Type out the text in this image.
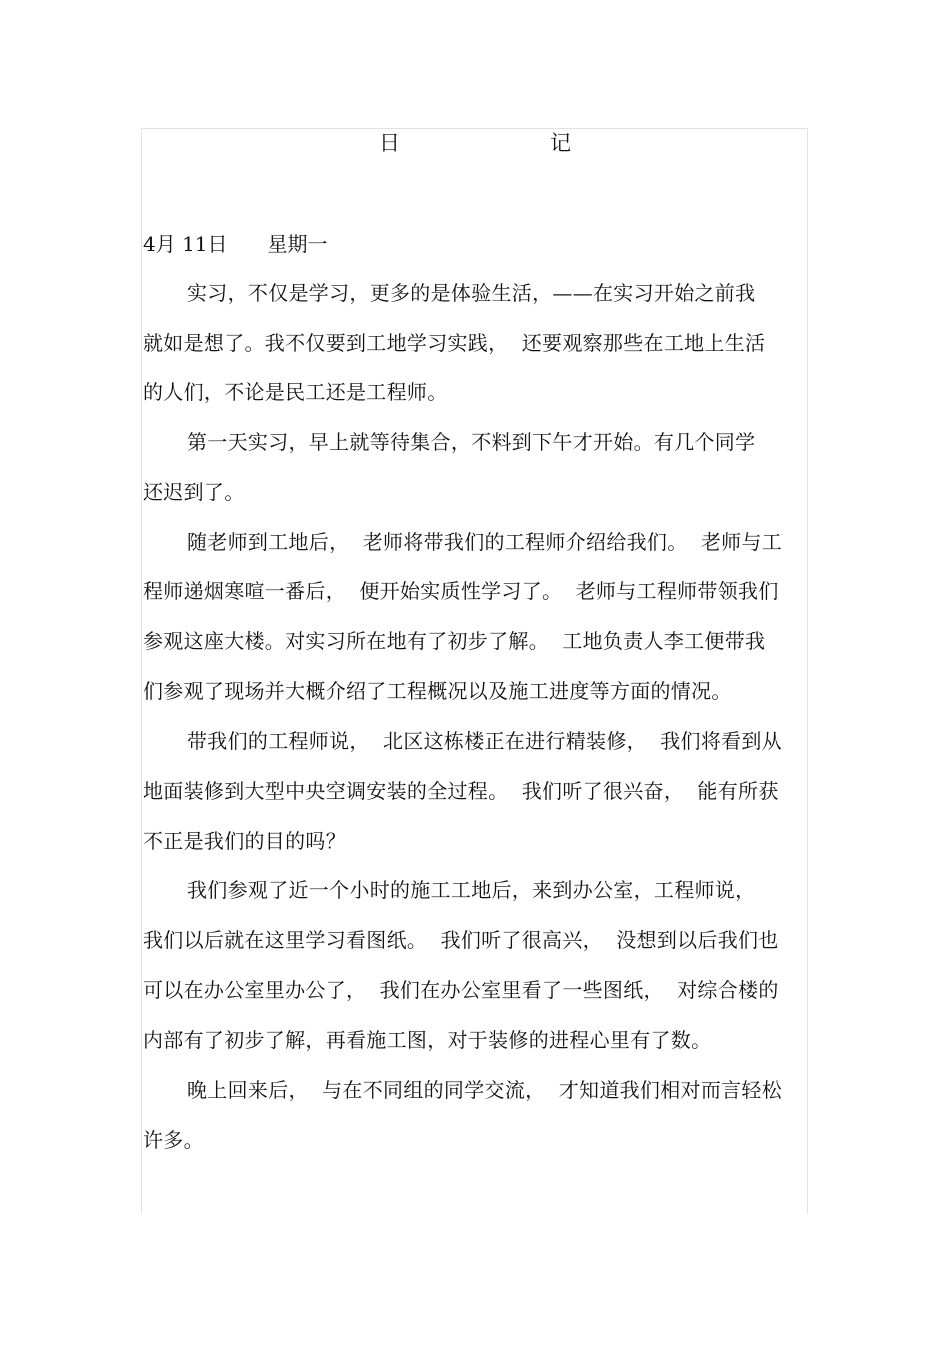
日　　记
4月 11日　　星期一
实习，不仅是学习，更多的是体验生活，——在实习开始之前我
就如是想了。我不仅要到工地学习实践，  还要观察那些在工地上生活
的人们，不论是民工还是工程师。
第一天实习，早上就等待集合，不料到下午才开始。有几个同学
还迟到了。
随老师到工地后，  老师将带我们的工程师介绍给我们。  老师与工
程师递烟寒喧一番后，  便开始实质性学习了。  老师与工程师带领我们
参观这座大楼。对实习所在地有了初步了解。  工地负责人李工便带我
们参观了现场并大概介绍了工程概况以及施工进度等方面的情况。
带我们的工程师说，  北区这栋楼正在进行精装修，  我们将看到从
地面装修到大型中央空调安装的全过程。  我们听了很兴奋，  能有所获
不正是我们的目的吗？
我们参观了近一个小时的施工工地后，来到办公室，工程师说，
我们以后就在这里学习看图纸。  我们听了很高兴，  没想到以后我们也
可以在办公室里办公了，  我们在办公室里看了一些图纸，  对综合楼的
内部有了初步了解，再看施工图，对于装修的进程心里有了数。
晚上回来后，  与在不同组的同学交流，  才知道我们相对而言轻松
许多。
